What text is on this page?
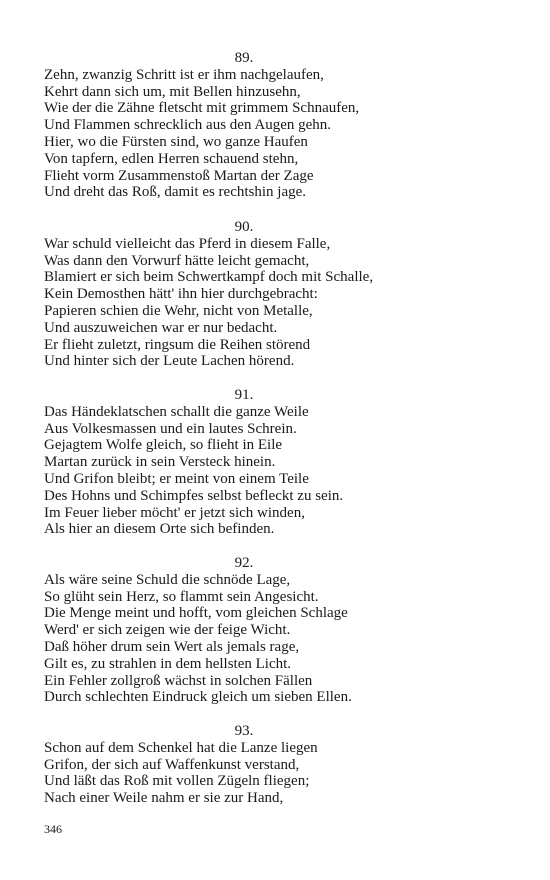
89.
Zehn, zwanzig Schritt ist er ihm nachgelaufen,
Kehrt dann sich um, mit Bellen hinzusehn,
Wie der die Zähne fletscht mit grimmem Schnaufen,
Und Flammen schrecklich aus den Augen gehn.
Hier, wo die Fürsten sind, wo ganze Haufen
Von tapfern, edlen Herren schauend stehn,
Flieht vorm Zusammenstoß Martan der Zage
Und dreht das Roß, damit es rechtshin jage.
90.
War schuld vielleicht das Pferd in diesem Falle,
Was dann den Vorwurf hätte leicht gemacht,
Blamiert er sich beim Schwertkampf doch mit Schalle,
Kein Demosthen hätt' ihn hier durchgebracht:
Papieren schien die Wehr, nicht von Metalle,
Und auszuweichen war er nur bedacht.
Er flieht zuletzt, ringsum die Reihen störend
Und hinter sich der Leute Lachen hörend.
91.
Das Händeklatschen schallt die ganze Weile
Aus Volkesmassen und ein lautes Schrein.
Gejagtem Wolfe gleich, so flieht in Eile
Martan zurück in sein Versteck hinein.
Und Grifon bleibt; er meint von einem Teile
Des Hohns und Schimpfes selbst befleckt zu sein.
Im Feuer lieber möcht' er jetzt sich winden,
Als hier an diesem Orte sich befinden.
92.
Als wäre seine Schuld die schnöde Lage,
So glüht sein Herz, so flammt sein Angesicht.
Die Menge meint und hofft, vom gleichen Schlage
Werd' er sich zeigen wie der feige Wicht.
Daß höher drum sein Wert als jemals rage,
Gilt es, zu strahlen in dem hellsten Licht.
Ein Fehler zollgroß wächst in solchen Fällen
Durch schlechten Eindruck gleich um sieben Ellen.
93.
Schon auf dem Schenkel hat die Lanze liegen
Grifon, der sich auf Waffenkunst verstand,
Und läßt das Roß mit vollen Zügeln fliegen;
Nach einer Weile nahm er sie zur Hand,
346
